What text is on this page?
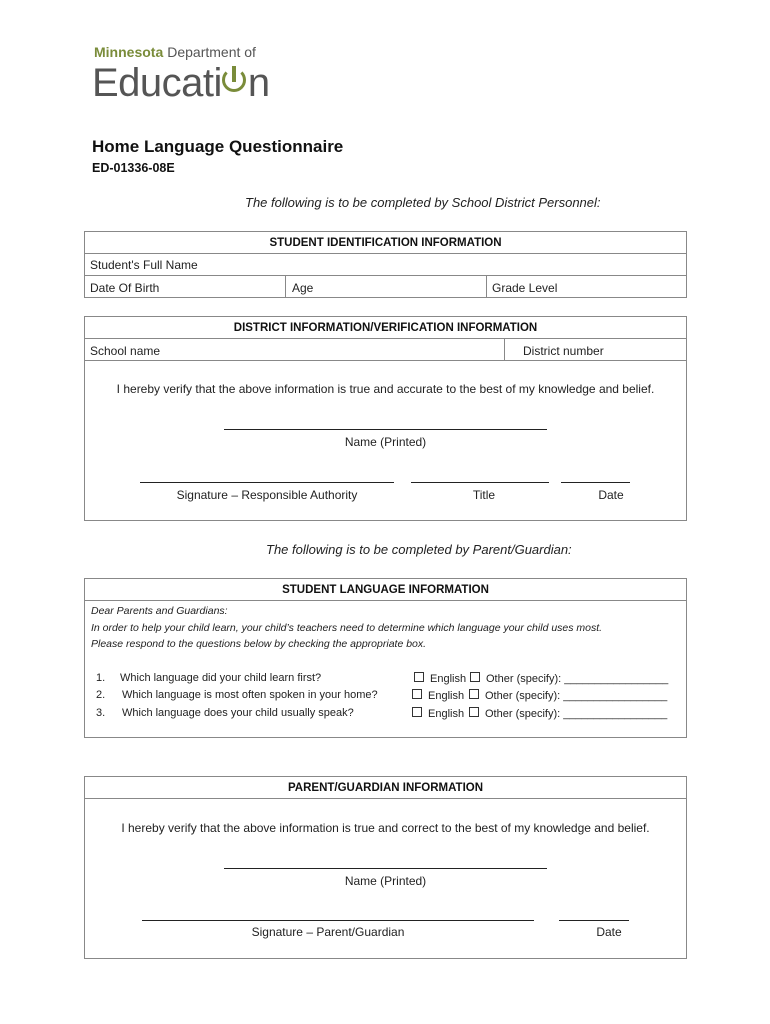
Minnesota Department of
Educati n
Home Language Questionnaire
ED-01336-08E
The following is to be completed by School District Personnel:
STUDENT IDENTIFICATION INFORMATION
Student's Full Name
Date Of Birth	Age	Grade Level
DISTRICT INFORMATION/VERIFICATION INFORMATION
School name	District number
I hereby verify that the above information is true and accurate to the best of my knowledge and belief.
Name (Printed)
Signature – Responsible Authority	Title	Date
The following is to be completed by Parent/Guardian:
STUDENT LANGUAGE INFORMATION
Dear Parents and Guardians:
In order to help your child learn, your child’s teachers need to determine which language your child uses most.
Please respond to the questions below by checking the appropriate box.
1. Which language did your child learn first?	English	Other (specify): _________________
2. Which language is most often spoken in your home?	English	Other (specify): _________________
3. Which language does your child usually speak?	English	Other (specify): _________________
PARENT/GUARDIAN INFORMATION
I hereby verify that the above information is true and correct to the best of my knowledge and belief.
Name (Printed)
Signature – Parent/Guardian	Date
